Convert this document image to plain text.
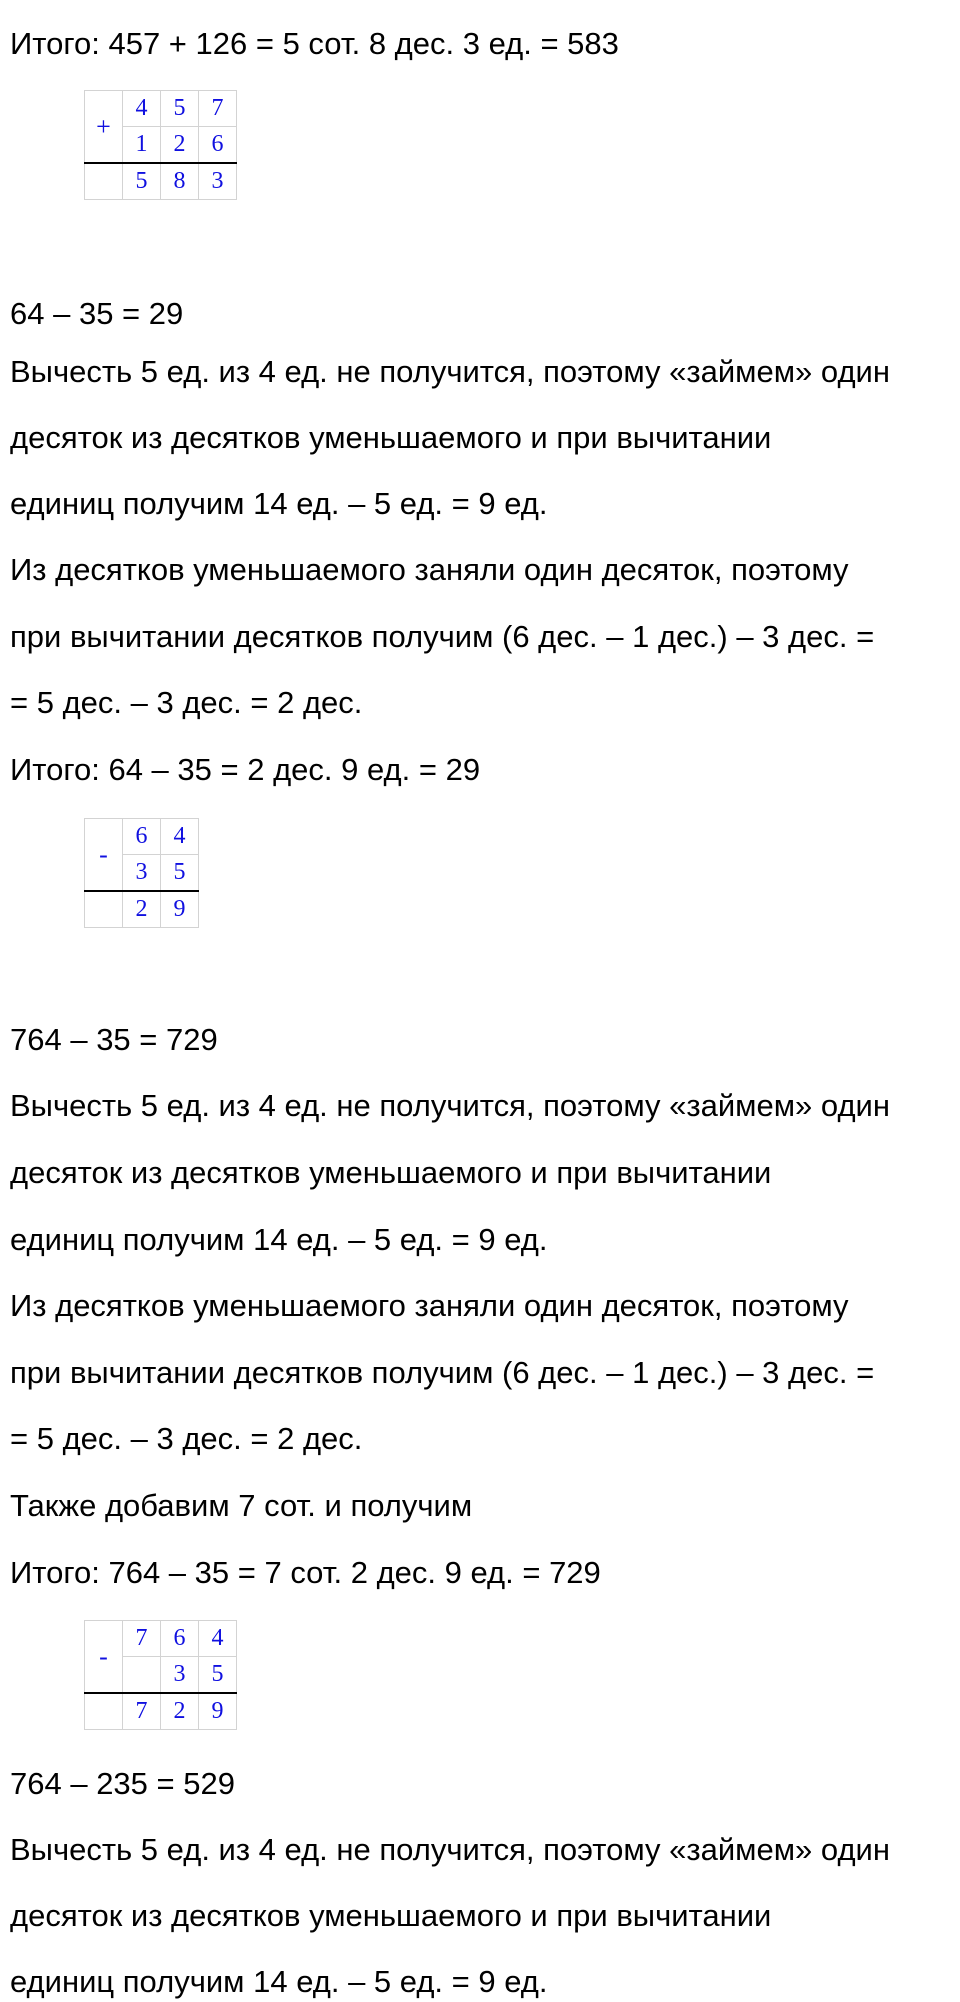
Итого: 457 + 126 = 5 сот. 8 дес. 3 ед. = 583
+	4	5	7
	1	2	6
	5	8	3
64 – 35 = 29
Вычесть 5 ед. из 4 ед. не получится, поэтому «займем» один
десяток из десятков уменьшаемого и при вычитании
единиц получим 14 ед. – 5 ед. = 9 ед.
Из десятков уменьшаемого заняли один десяток, поэтому
при вычитании десятков получим (6 дес. – 1 дес.) – 3 дес. =
= 5 дес. – 3 дес. = 2 дес.
Итого: 64 – 35 = 2 дес. 9 ед. = 29
-	6	4
	3	5
	2	9
764 – 35 = 729
Вычесть 5 ед. из 4 ед. не получится, поэтому «займем» один
десяток из десятков уменьшаемого и при вычитании
единиц получим 14 ед. – 5 ед. = 9 ед.
Из десятков уменьшаемого заняли один десяток, поэтому
при вычитании десятков получим (6 дес. – 1 дес.) – 3 дес. =
= 5 дес. – 3 дес. = 2 дес.
Также добавим 7 сот. и получим
Итого: 764 – 35 = 7 сот. 2 дес. 9 ед. = 729
-	7	6	4
		3	5
	7	2	9
764 – 235 = 529
Вычесть 5 ед. из 4 ед. не получится, поэтому «займем» один
десяток из десятков уменьшаемого и при вычитании
единиц получим 14 ед. – 5 ед. = 9 ед.
